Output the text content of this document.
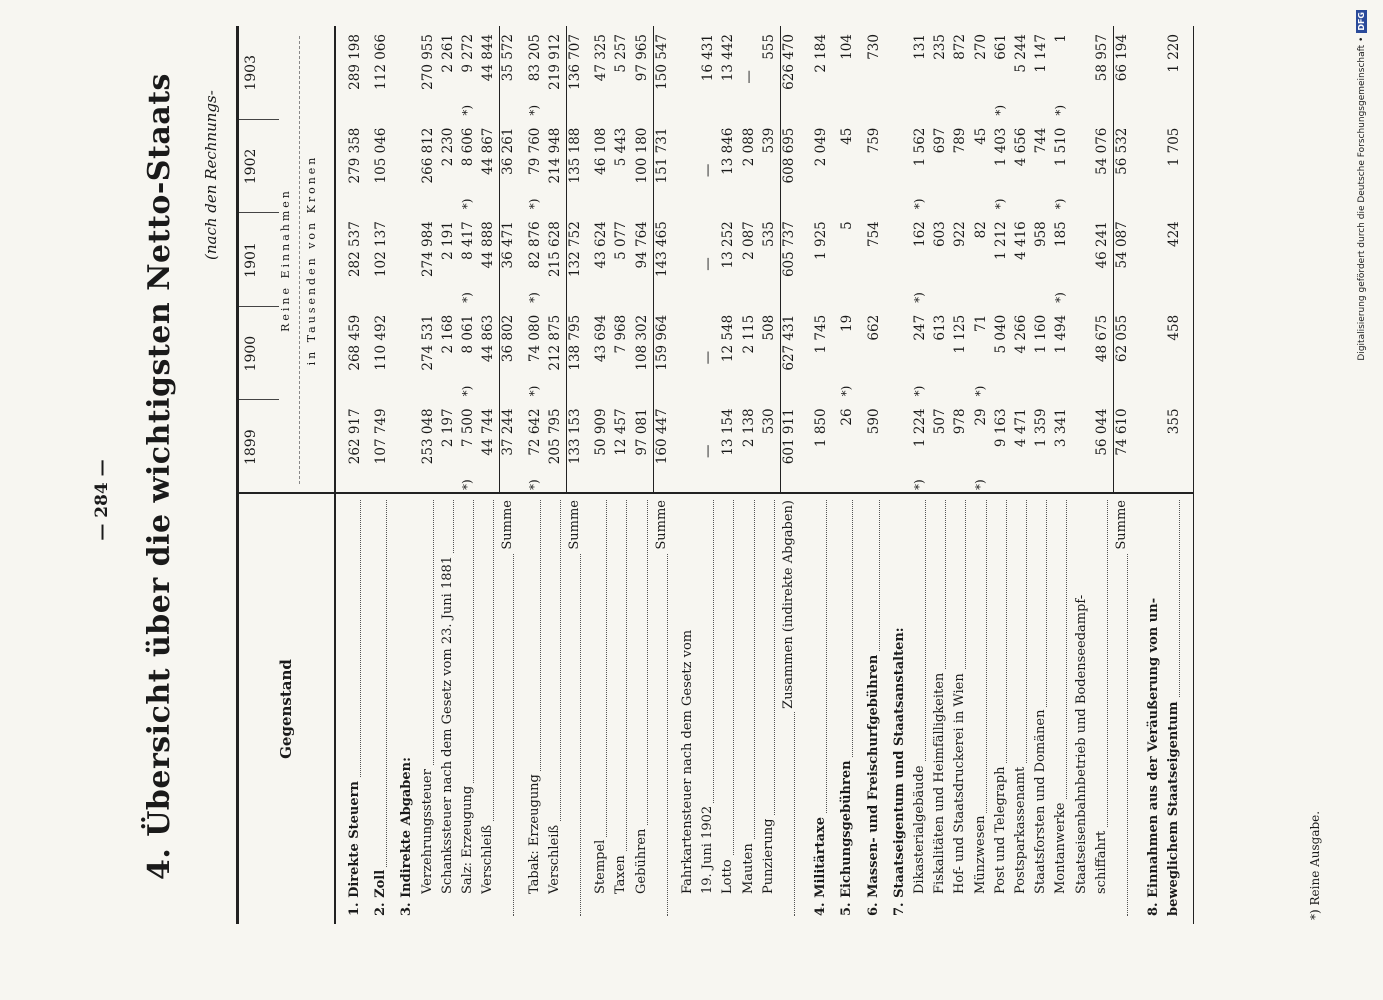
— 284 — 4. Übersicht über die wichtigsten Netto-Staats (nach den Rechnungs-
Gegenstand
1899
1900
1901
1902
1903
Reine Einnahmen in Tausenden von Kronen
1. Direkte Steuern
262 917
268 459
282 537
279 358
289 198
2. Zoll
107 749
110 492
102 137
105 046
112 066
3. Indirekte Abgaben: Verzehrungssteuer
253 048
274 531
274 984
266 812
270 955
Schankssteuer nach dem Gesetz vom 23. Juni 1881
2 197
2 168
2 191
2 230
2 261
Salz: Erzeugung
7 500
*)
8 061
*)
8 417
*)
8 606
*)
9 272
*)
Verschleiß
44 744
44 863
44 888
44 867
44 844
Summe
37 244
36 802
36 471
36 261
35 572
Tabak: Erzeugung
72 642
*)
74 080
*)
82 876
*)
79 760
*)
83 205
*)
Verschleiß
205 795
212 875
215 628
214 948
219 912
Summe
133 153
138 795
132 752
135 188
136 707
Stempel
50 909
43 694
43 624
46 108
47 325
Taxen
12 457
7 968
5 077
5 443
5 257
Gebühren
97 081
108 302
94 764
100 180
97 965
Summe
160 447
159 964
143 465
151 731
150 547
Fahrkartensteuer nach dem Gesetz vom 19. Juni 1902
—
—
—
—
16 431
Lotto
13 154
12 548
13 252
13 846
13 442
Mauten
2 138
2 115
2 087
2 088
—
Punzierung
530
508
535
539
555
Zusammen (indirekte Abgaben)
601 911
627 431
605 737
608 695
626 470
4. Militärtaxe
1 850
1 745
1 925
2 049
2 184
5. Eichungsgebühren
26
19
*)
5
45
104
6. Massen- und Freischurfgebühren
590
662
754
759
730
7. Staatseigentum und Staatsanstalten: Dikasterialgebäude
1 224
*)
247
*)
162
*)
1 562
*)
131
Fiskalitäten und Heimfälligkeiten
507
613
603
697
235
Hof- und Staatsdruckerei in Wien
978
1 125
922
789
872
Münzwesen
29
*)
71
*)
82
45
270
Post und Telegraph
9 163
5 040
1 212
1 403
*)
661
*)
Postsparkassenamt
4 471
4 266
4 416
4 656
5 244
Staatsforsten und Domänen
1 359
1 160
958
744
1 147
Montanwerke
3 341
1 494
185
*)
1 510
*)
1
*)
Staatseisenbahnbetrieb und Bodenseedampf- schiffahrt
56 044
48 675
46 241
54 076
58 957
Summe
74 610
62 055
54 087
56 532
66 194
8. Einnahmen aus der Veräußerung von un- beweglichem Staatseigentum
355
458
424
1 705
1 220
*) Reine Ausgabe.
Digitalisierung gefördert durch die Deutsche Forschungsgemeinschaft •DFG
